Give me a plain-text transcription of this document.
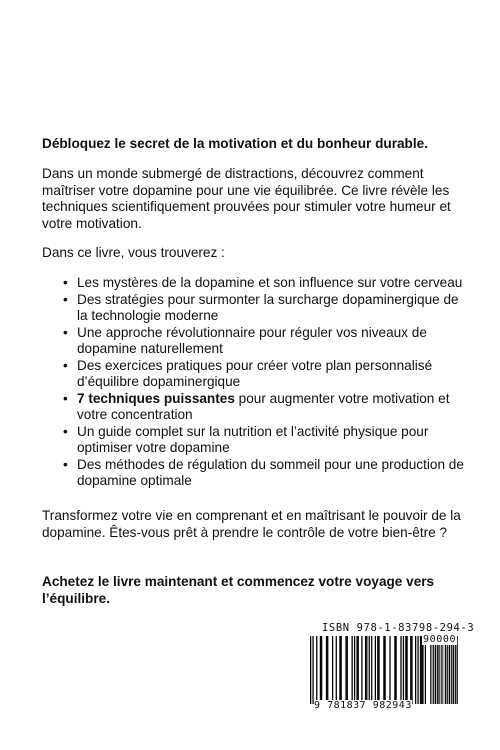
Débloquez le secret de la motivation et du bonheur durable.

Dans un monde submergé de distractions, découvrez comment maîtriser votre dopamine pour une vie équilibrée. Ce livre révèle les techniques scientifiquement prouvées pour stimuler votre humeur et votre motivation.

Dans ce livre, vous trouverez :

• Les mystères de la dopamine et son influence sur votre cerveau
• Des stratégies pour surmonter la surcharge dopaminergique de la technologie moderne
• Une approche révolutionnaire pour réguler vos niveaux de dopamine naturellement
• Des exercices pratiques pour créer votre plan personnalisé d’équilibre dopaminergique
• 7 techniques puissantes pour augmenter votre motivation et votre concentration
• Un guide complet sur la nutrition et l’activité physique pour optimiser votre dopamine
• Des méthodes de régulation du sommeil pour une production de dopamine optimale

Transformez votre vie en comprenant et en maîtrisant le pouvoir de la dopamine. Êtes-vous prêt à prendre le contrôle de votre bien-être ?

Achetez le livre maintenant et commencez votre voyage vers l’équilibre.

ISBN 978-1-83798-294-3
90000
9 781837 982943
